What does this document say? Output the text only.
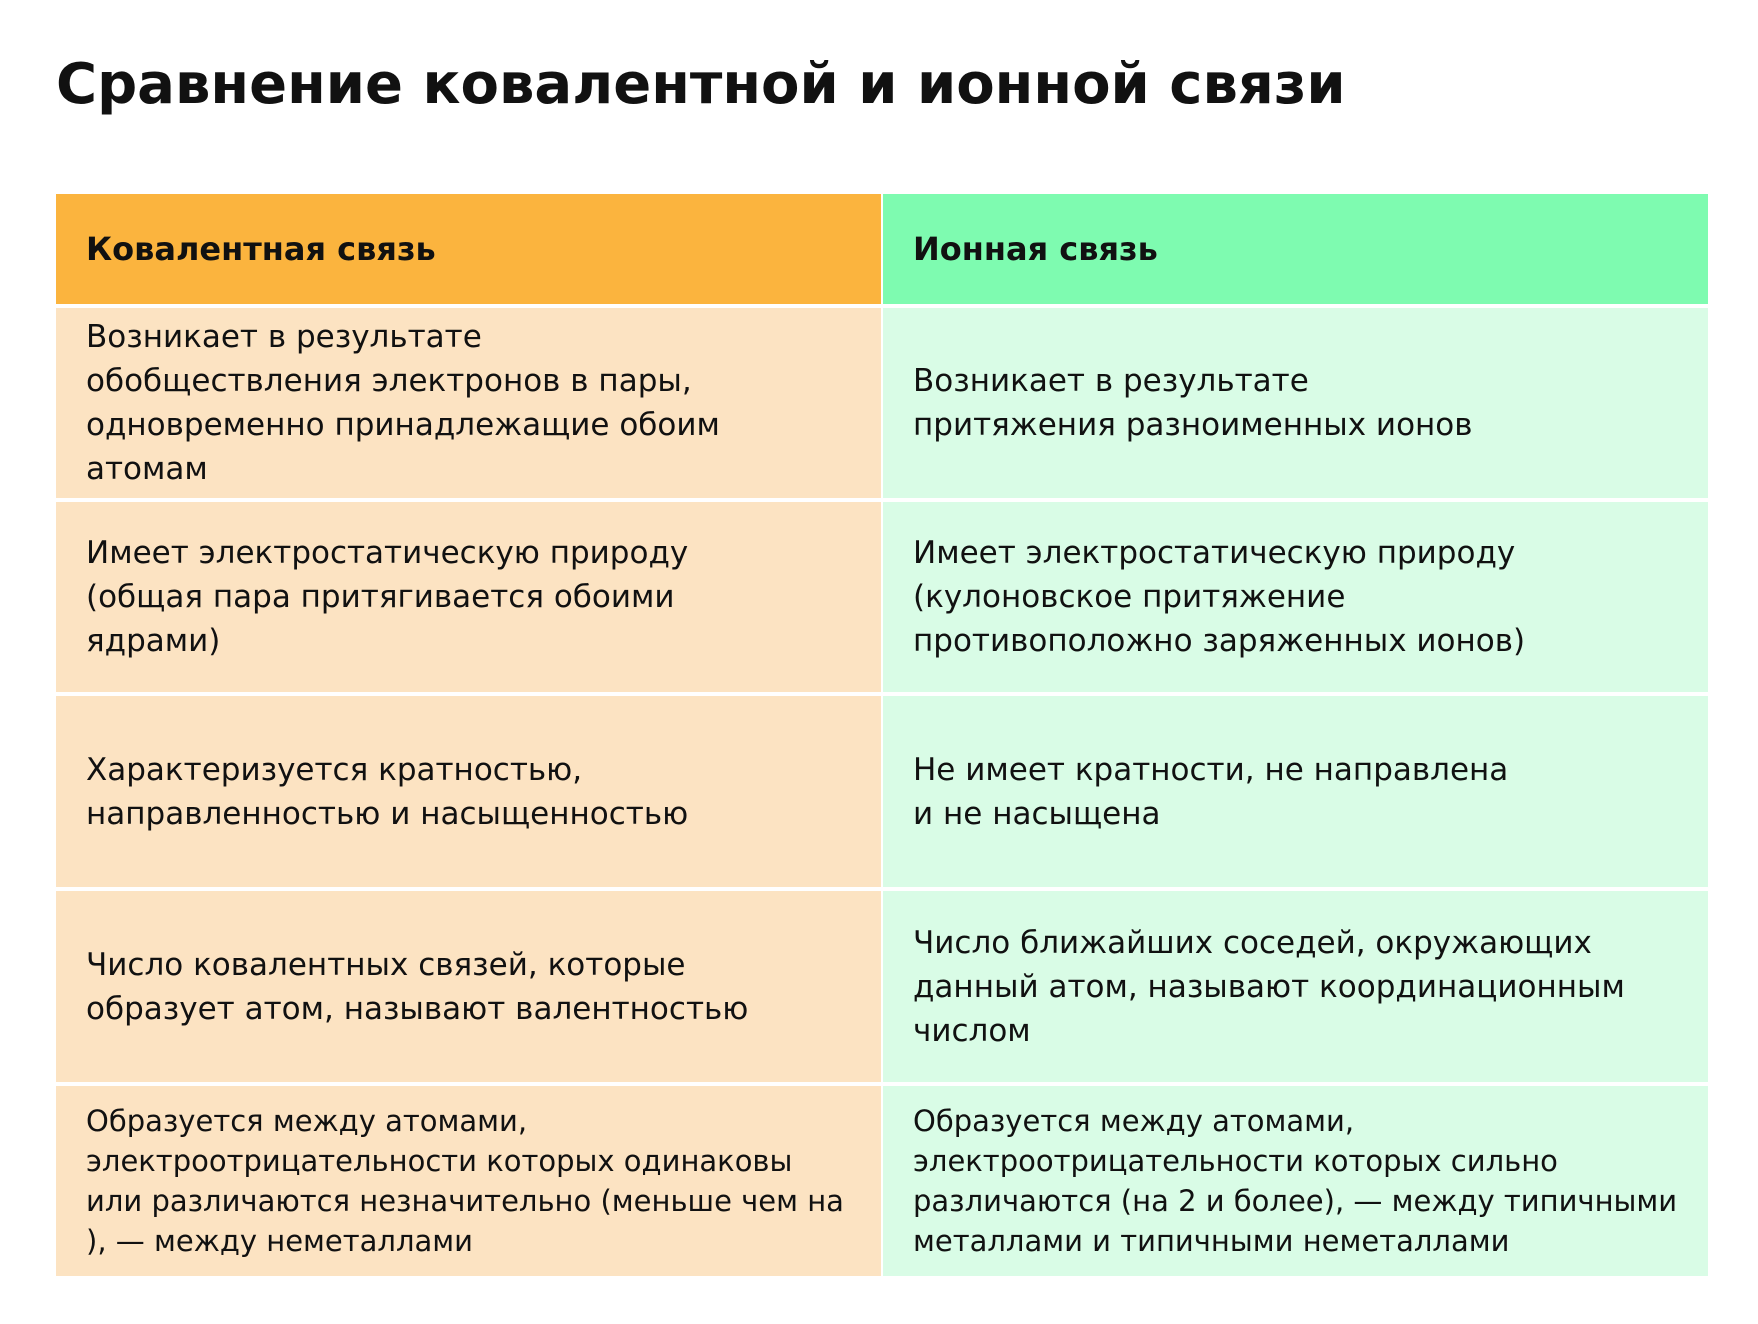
Сравнение ковалентной и ионной связи
Ковалентная связь	Ионная связь
Возникает в результате обобществления электронов в пары, одновременно принадлежащие обоим атомам
Возникает в результате притяжения разноименных ионов
Имеет электростатическую природу (общая пара притягивается обоими ядрами)
Имеет электростатическую природу (кулоновское притяжение противоположно заряженных ионов)
Характеризуется кратностью, направленностью и насыщенностью
Не имеет кратности, не направлена и не насыщена
Число ковалентных связей, которые образует атом, называют валентностью
Число ближайших соседей, окружающих данный атом, называют координационным числом
Образуется между атомами, электроотрицательности которых одинаковы или различаются незначительно (меньше чем на ), — между неметаллами
Образуется между атомами, электроотрицательности которых сильно различаются (на 2 и более), — между типичными металлами и типичными неметаллами
